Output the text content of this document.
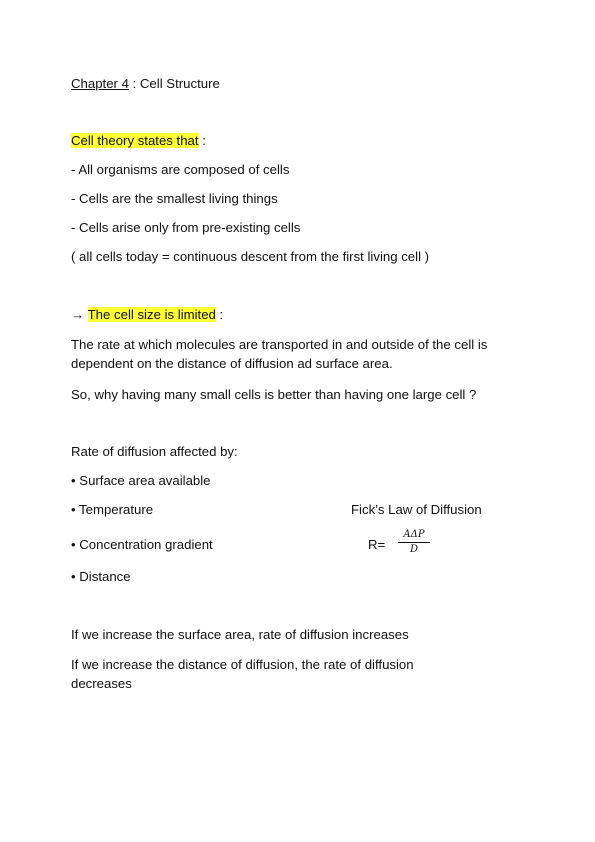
Chapter 4 : Cell Structure
Cell theory states that :
- All organisms are composed of cells
- Cells are the smallest living things
- Cells arise only from pre-existing cells
( all cells today = continuous descent from the first living cell )
→ The cell size is limited :
The rate at which molecules are transported in and outside of the cell is dependent on the distance of diffusion ad surface area.
So, why having many small cells is better than having one large cell ?
Rate of diffusion affected by:
• Surface area available
• Temperature
• Concentration gradient
• Distance
Fick’s Law of Diffusion
R=
AΔP
D
If we increase the surface area, rate of diffusion increases
If we increase the distance of diffusion, the rate of diffusion decreases
